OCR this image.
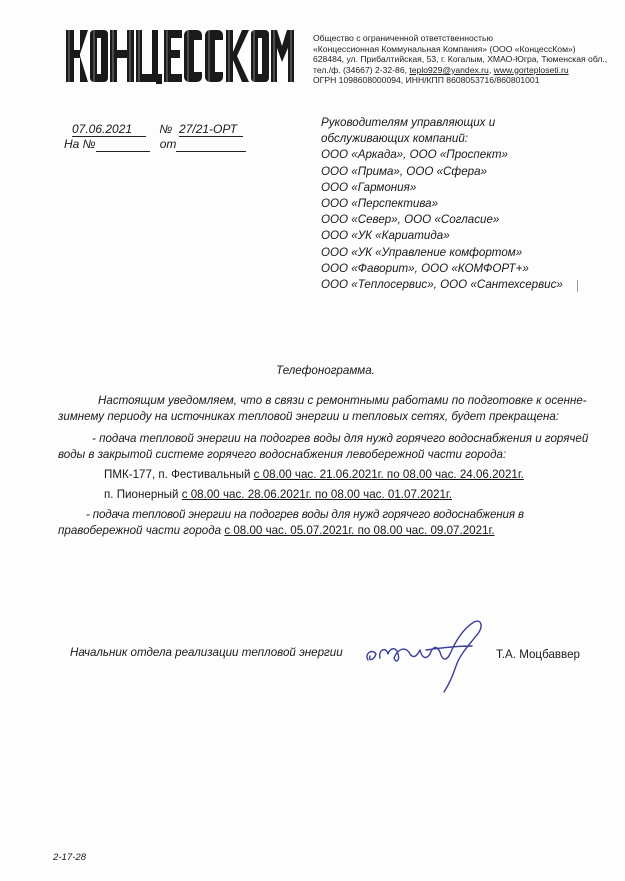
Общество с ограниченной ответственностью
«Концессионная Коммунальная Компания» (ООО «КонцессКом»)
628484, ул. Прибалтийская, 53, г. Когалым, ХМАО-Югра, Тюменская обл.,
тел./ф. (34667) 2-32-86, teplo929@yandex.ru, www.gorteploseti.ru
ОГРН 1098608000094, ИНН/КПП 8608053716/860801001
07.06.2021 № 27/21-ОРТ
На №	от
Руководителям управляющих и
обслуживающих компаний:
ООО «Аркада», ООО «Проспект»
ООО «Прима», ООО «Сфера»
ООО «Гармония»
ООО «Перспектива»
ООО «Север», ООО «Согласие»
ООО «УК «Кариатида»
ООО «УК «Управление комфортом»
ООО «Фаворит», ООО «КОМФОРТ+»
ООО «Теплосервис», ООО «Сантехсервис»
Телефонограмма.
Настоящим уведомляем, что в связи с ремонтными работами по подготовке к осенне-
зимнему периоду на источниках тепловой энергии и тепловых сетях, будет прекращена:
- подача тепловой энергии на подогрев воды для нужд горячего водоснабжения и горячей
воды в закрытой системе горячего водоснабжения левобережной части города:
ПМК-177, п. Фестивальный с 08.00 час. 21.06.2021г. по 08.00 час. 24.06.2021г.
п. Пионерный с 08.00 час. 28.06.2021г. по 08.00 час. 01.07.2021г.
- подача тепловой энергии на подогрев воды для нужд горячего водоснабжения в
правобережной части города с 08.00 час. 05.07.2021г. по 08.00 час. 09.07.2021г.
Начальник отдела реализации тепловой энергии	Т.А. Моцбаввер
2-17-28
